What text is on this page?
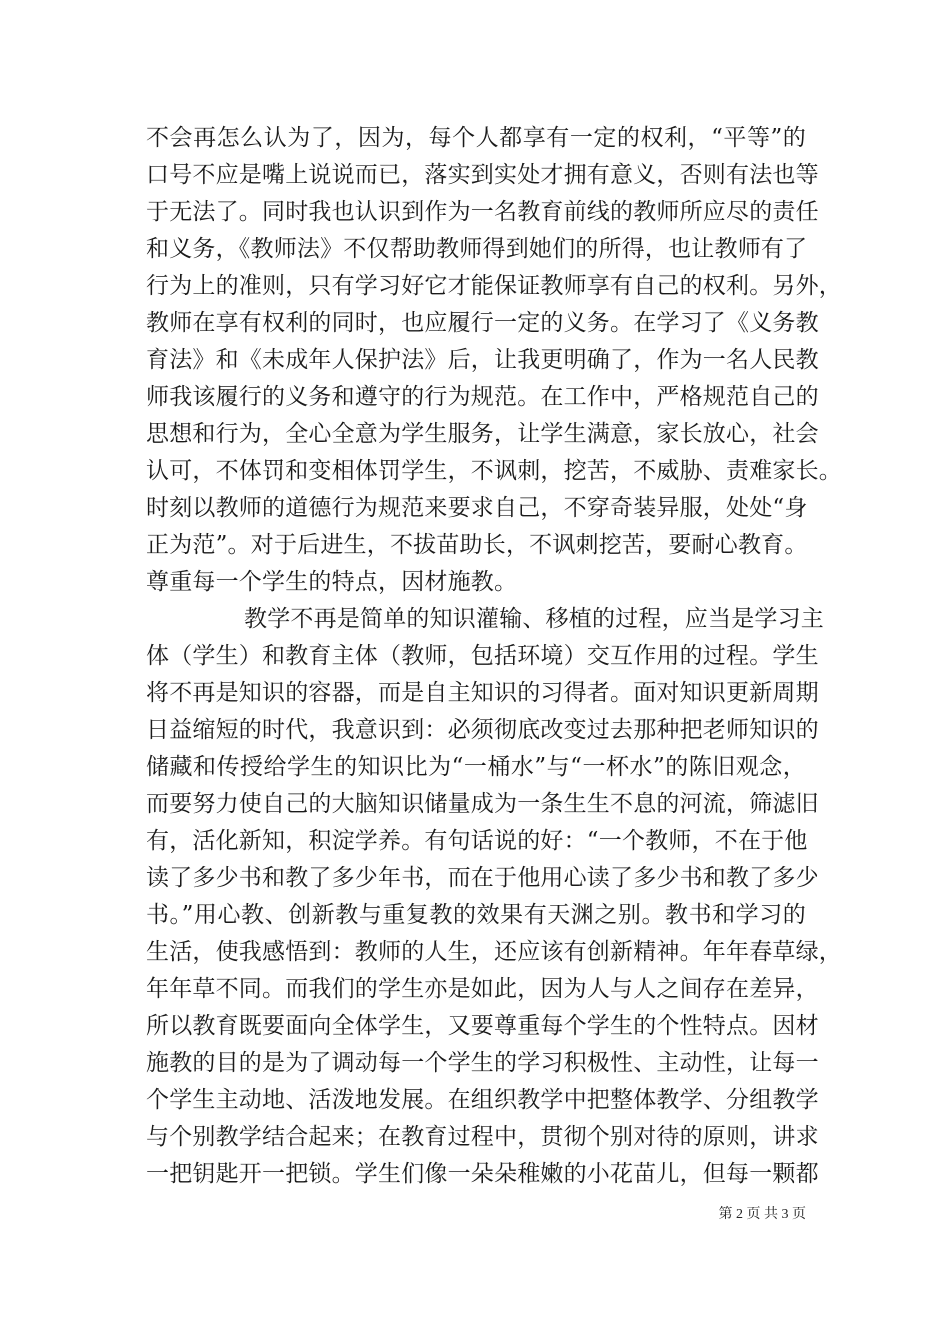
不会再怎么认为了，因为，每个人都享有一定的权利，“平等”的
口号不应是嘴上说说而已，落实到实处才拥有意义，否则有法也等
于无法了。同时我也认识到作为一名教育前线的教师所应尽的责任
和义务，《教师法》不仅帮助教师得到她们的所得，也让教师有了
行为上的准则，只有学习好它才能保证教师享有自己的权利。另外，
教师在享有权利的同时，也应履行一定的义务。在学习了《义务教
育法》和《未成年人保护法》后，让我更明确了，作为一名人民教
师我该履行的义务和遵守的行为规范。在工作中，严格规范自己的
思想和行为，全心全意为学生服务，让学生满意，家长放心，社会
认可，不体罚和变相体罚学生，不讽刺，挖苦，不威胁、责难家长。
时刻以教师的道德行为规范来要求自己，不穿奇装异服，处处“身
正为范”。对于后进生，不拔苗助长，不讽刺挖苦，要耐心教育。
尊重每一个学生的特点，因材施教。
教学不再是简单的知识灌输、移植的过程，应当是学习主
体（学生）和教育主体（教师，包括环境）交互作用的过程。学生
将不再是知识的容器，而是自主知识的习得者。面对知识更新周期
日益缩短的时代，我意识到：必须彻底改变过去那种把老师知识的
储藏和传授给学生的知识比为“一桶水”与“一杯水”的陈旧观念，
而要努力使自己的大脑知识储量成为一条生生不息的河流，筛滤旧
有，活化新知，积淀学养。有句话说的好：“一个教师，不在于他
读了多少书和教了多少年书，而在于他用心读了多少书和教了多少
书。”用心教、创新教与重复教的效果有天渊之别。教书和学习的
生活，使我感悟到：教师的人生，还应该有创新精神。年年春草绿，
年年草不同。而我们的学生亦是如此，因为人与人之间存在差异，
所以教育既要面向全体学生，又要尊重每个学生的个性特点。因材
施教的目的是为了调动每一个学生的学习积极性、主动性，让每一
个学生主动地、活泼地发展。在组织教学中把整体教学、分组教学
与个别教学结合起来；在教育过程中，贯彻个别对待的原则，讲求
一把钥匙开一把锁。学生们像一朵朵稚嫩的小花苗儿，但每一颗都
第 2 页 共 3 页
